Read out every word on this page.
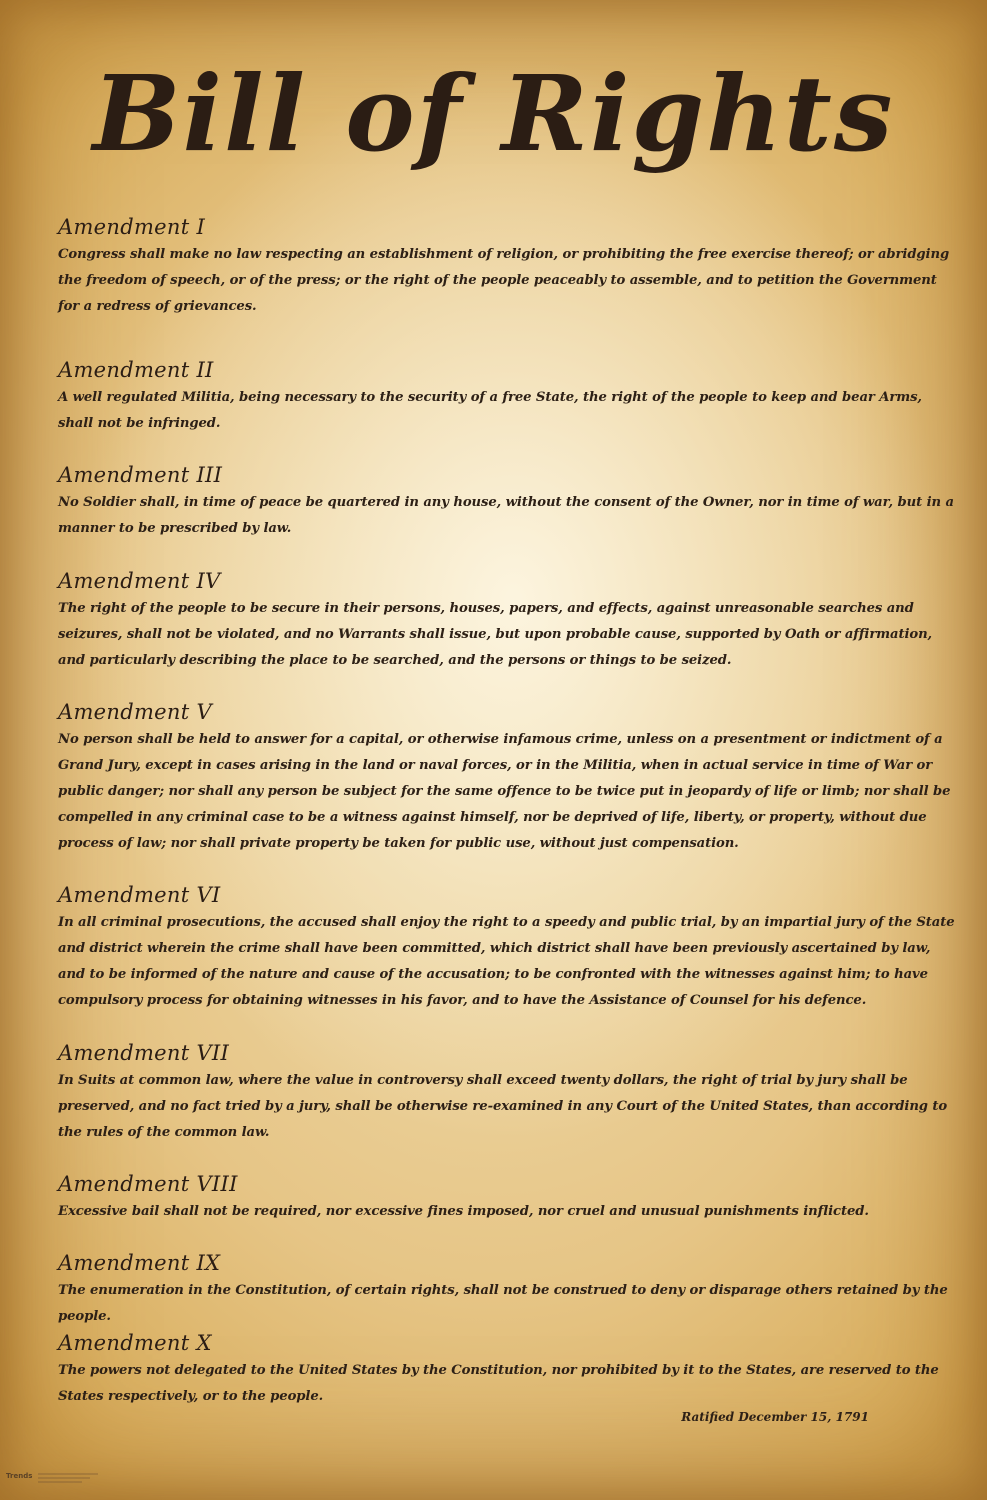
Bill of Rights
Amendment I
Congress shall make no law respecting an establishment of religion, or prohibiting the free exercise thereof; or abridging the freedom of speech, or of the press; or the right of the people peaceably to assemble, and to petition the Government for a redress of grievances.
Amendment II
A well regulated Militia, being necessary to the security of a free State, the right of the people to keep and bear Arms, shall not be infringed.
Amendment III
No Soldier shall, in time of peace be quartered in any house, without the consent of the Owner, nor in time of war, but in a manner to be prescribed by law.
Amendment IV
The right of the people to be secure in their persons, houses, papers, and effects, against unreasonable searches and seizures, shall not be violated, and no Warrants shall issue, but upon probable cause, supported by Oath or affirmation, and particularly describing the place to be searched, and the persons or things to be seized.
Amendment V
No person shall be held to answer for a capital, or otherwise infamous crime, unless on a presentment or indictment of a Grand Jury, except in cases arising in the land or naval forces, or in the Militia, when in actual service in time of War or public danger; nor shall any person be subject for the same offence to be twice put in jeopardy of life or limb; nor shall be compelled in any criminal case to be a witness against himself, nor be deprived of life, liberty, or property, without due process of law; nor shall private property be taken for public use, without just compensation.
Amendment VI
In all criminal prosecutions, the accused shall enjoy the right to a speedy and public trial, by an impartial jury of the State and district wherein the crime shall have been committed, which district shall have been previously ascertained by law, and to be informed of the nature and cause of the accusation; to be confronted with the witnesses against him; to have compulsory process for obtaining witnesses in his favor, and to have the Assistance of Counsel for his defence.
Amendment VII
In Suits at common law, where the value in controversy shall exceed twenty dollars, the right of trial by jury shall be preserved, and no fact tried by a jury, shall be otherwise re-examined in any Court of the United States, than according to the rules of the common law.
Amendment VIII
Excessive bail shall not be required, nor excessive fines imposed, nor cruel and unusual punishments inflicted.
Amendment IX
The enumeration in the Constitution, of certain rights, shall not be construed to deny or disparage others retained by the people.
Amendment X
The powers not delegated to the United States by the Constitution, nor prohibited by it to the States, are reserved to the States respectively, or to the people.
Ratified December 15, 1791
Trends
